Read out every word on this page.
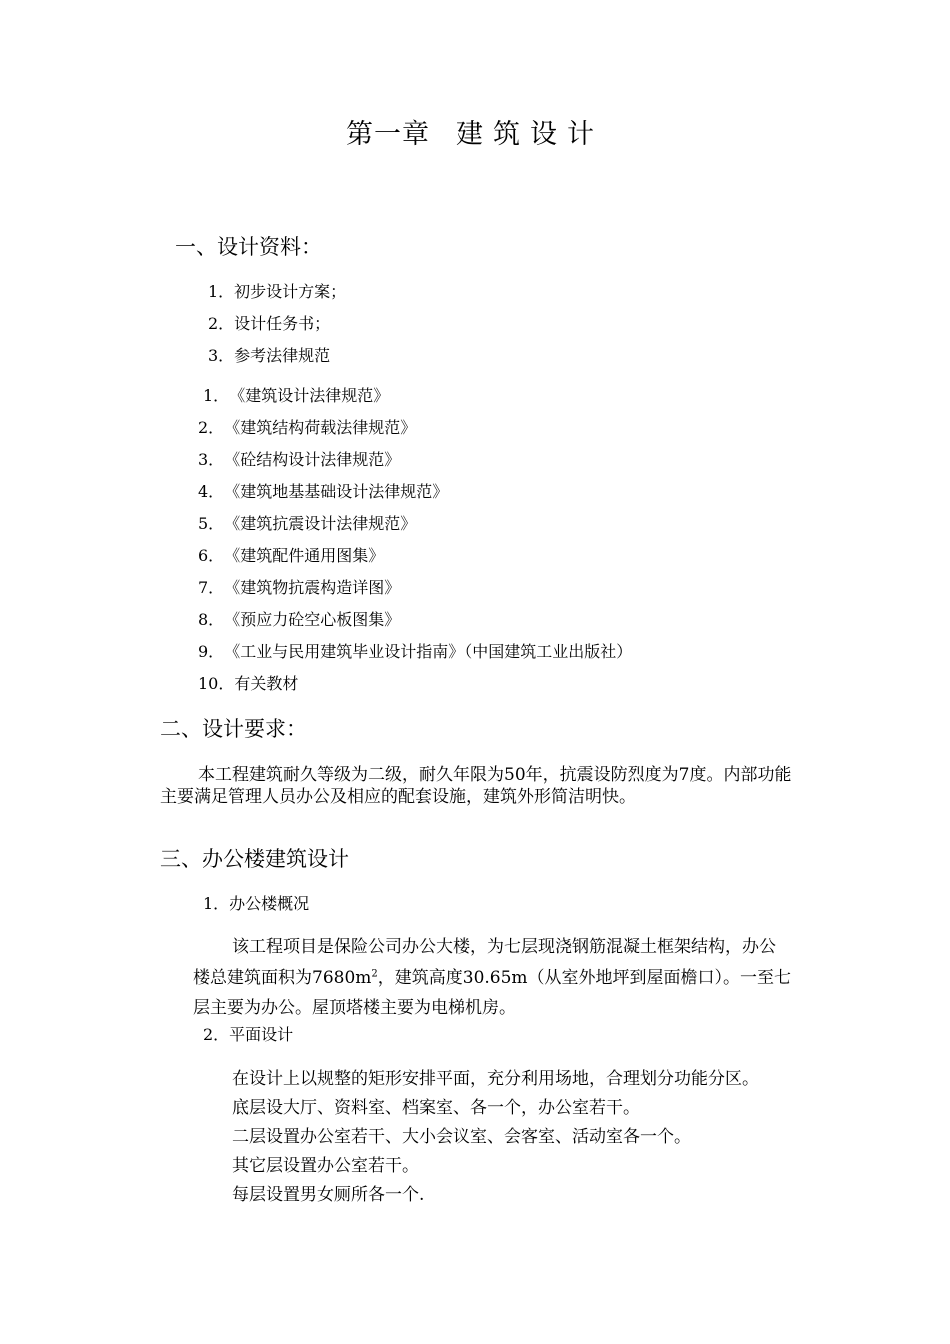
第一章 建筑设计
一、设计资料：
1．初步设计方案；
2．设计任务书；
3．参考法律规范
1．《建筑设计法律规范》
2．《建筑结构荷载法律规范》
3．《砼结构设计法律规范》
4．《建筑地基基础设计法律规范》
5．《建筑抗震设计法律规范》
6．《建筑配件通用图集》
7．《建筑物抗震构造详图》
8．《预应力砼空心板图集》
9．《工业与民用建筑毕业设计指南》（中国建筑工业出版社）
10．有关教材
二、设计要求：
本工程建筑耐久等级为二级，耐久年限为50年，抗震设防烈度为7度。内部功能
主要满足管理人员办公及相应的配套设施，建筑外形简洁明快。
三、办公楼建筑设计
1．办公楼概况
该工程项目是保险公司办公大楼，为七层现浇钢筋混凝土框架结构，办公
楼总建筑面积为$7680m^2$，建筑高度30.65m（从室外地坪到屋面檐口）。一至七
层主要为办公。屋顶塔楼主要为电梯机房。
2．平面设计
在设计上以规整的矩形安排平面，充分利用场地，合理划分功能分区。
底层设大厅、资料室、档案室、各一个，办公室若干。
二层设置办公室若干、大小会议室、会客室、活动室各一个。
其它层设置办公室若干。
每层设置男女厕所各一个.
